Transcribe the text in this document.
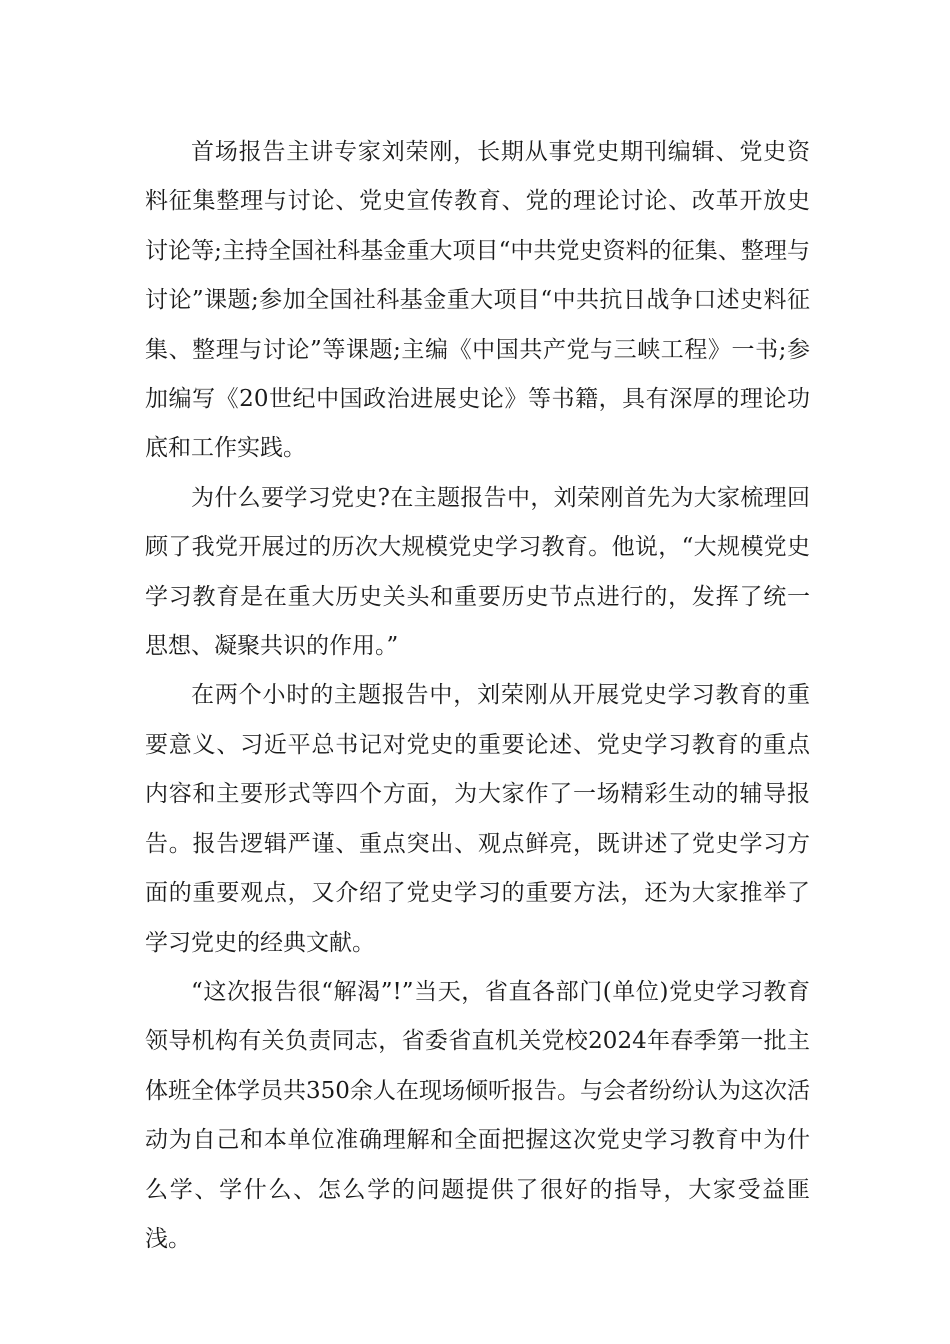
首场报告主讲专家刘荣刚，长期从事党史期刊编辑、党史资料征集整理与讨论、党史宣传教育、党的理论讨论、改革开放史讨论等;主持全国社科基金重大项目“中共党史资料的征集、整理与讨论”课题;参加全国社科基金重大项目“中共抗日战争口述史料征集、整理与讨论”等课题;主编《中国共产党与三峡工程》一书;参加编写《20世纪中国政治进展史论》等书籍，具有深厚的理论功底和工作实践。

为什么要学习党史?在主题报告中，刘荣刚首先为大家梳理回顾了我党开展过的历次大规模党史学习教育。他说，“大规模党史学习教育是在重大历史关头和重要历史节点进行的，发挥了统一思想、凝聚共识的作用。”

在两个小时的主题报告中，刘荣刚从开展党史学习教育的重要意义、习近平总书记对党史的重要论述、党史学习教育的重点内容和主要形式等四个方面，为大家作了一场精彩生动的辅导报告。报告逻辑严谨、重点突出、观点鲜亮，既讲述了党史学习方面的重要观点，又介绍了党史学习的重要方法，还为大家推举了学习党史的经典文献。

“这次报告很“解渴”!”当天，省直各部门(单位)党史学习教育领导机构有关负责同志，省委省直机关党校2024年春季第一批主体班全体学员共350余人在现场倾听报告。与会者纷纷认为这次活动为自己和本单位准确理解和全面把握这次党史学习教育中为什么学、学什么、怎么学的问题提供了很好的指导，大家受益匪浅。
